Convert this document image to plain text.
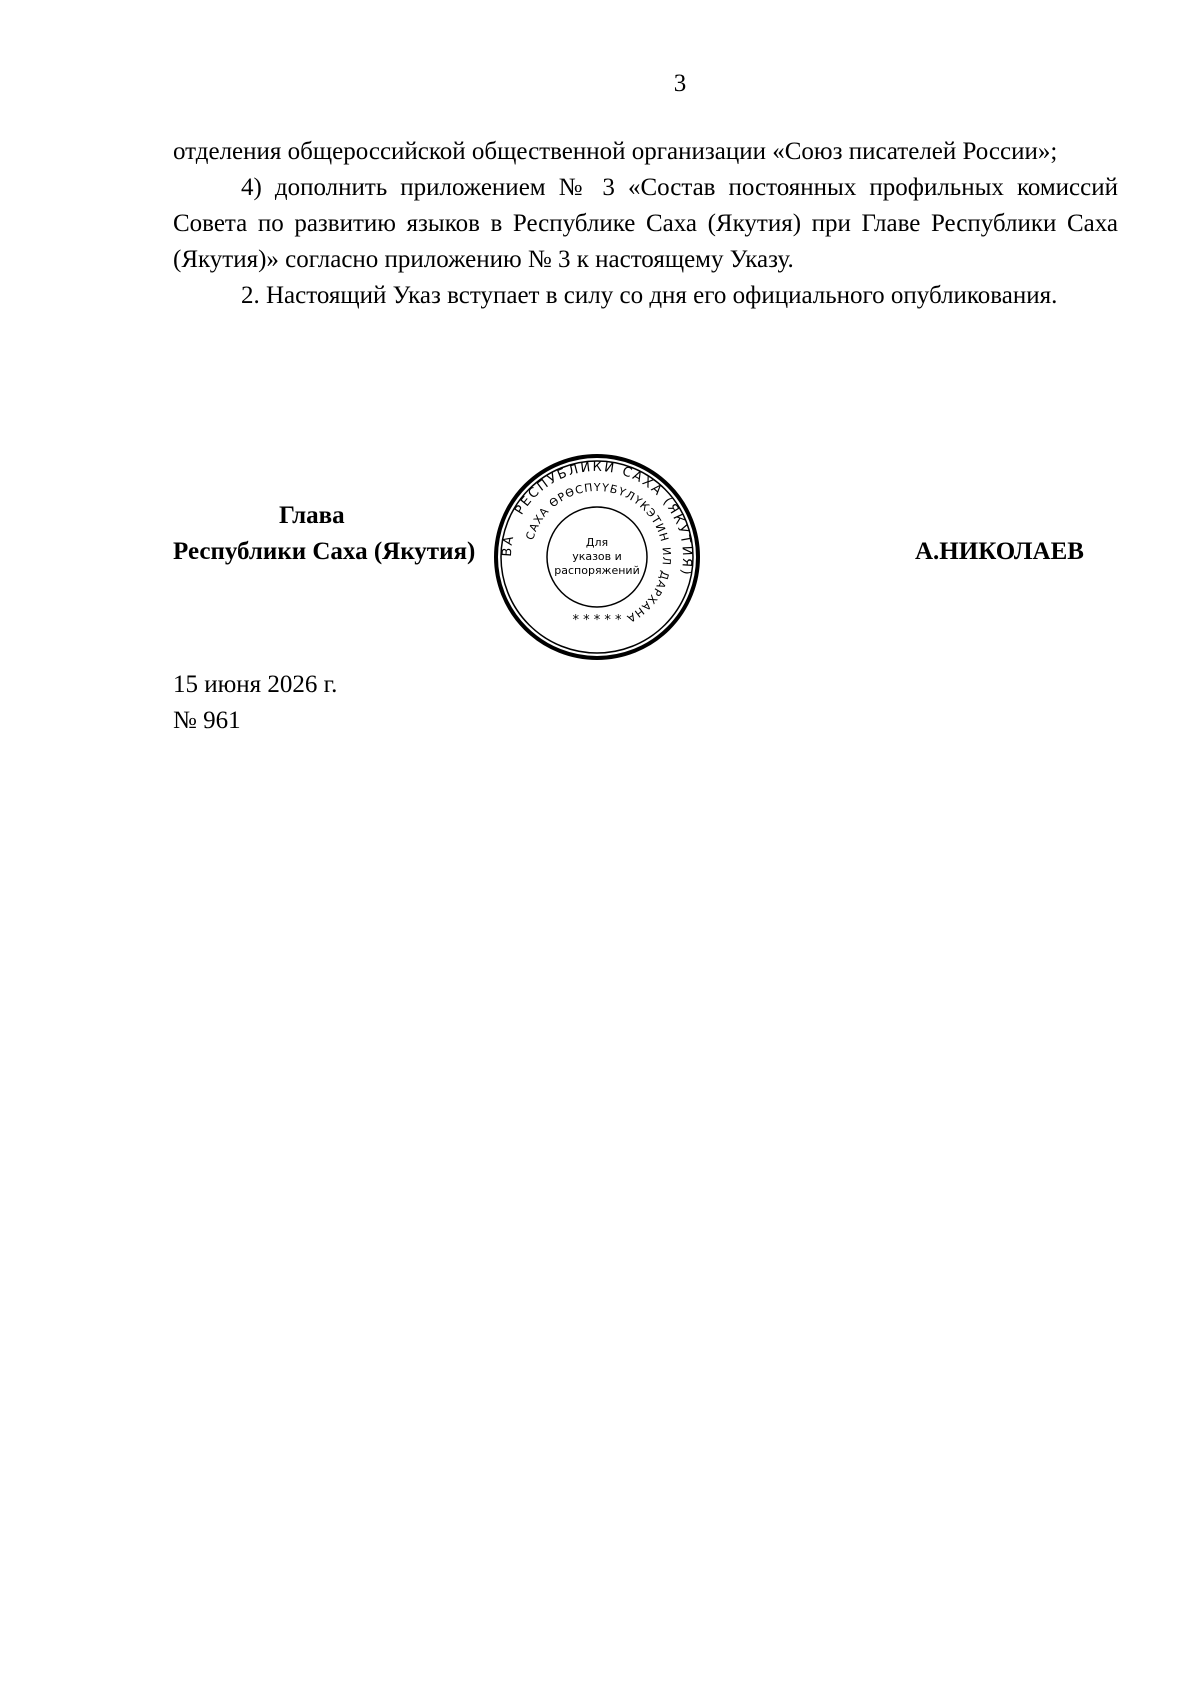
3

отделения общероссийской общественной организации «Союз писателей России»;

4) дополнить приложением № 3 «Состав постоянных профильных комиссий Совета по развитию языков в Республике Саха (Якутия) при Главе Республики Саха (Якутия)» согласно приложению № 3 к настоящему Указу.

2. Настоящий Указ вступает в силу со дня его официального опубликования.

Глава
Республики Саха (Якутия)
РЕСПУБЛИКИ САХА (ЯКУТИЯ)
ВА САХА ӨРӨСПҮҮБҮЛҮКЭТИН ИЛ ДАРХАНА
Для
указов и
распоряжений
* * * * *
А.НИКОЛАЕВ
15 июня 2026 г.
№ 961
